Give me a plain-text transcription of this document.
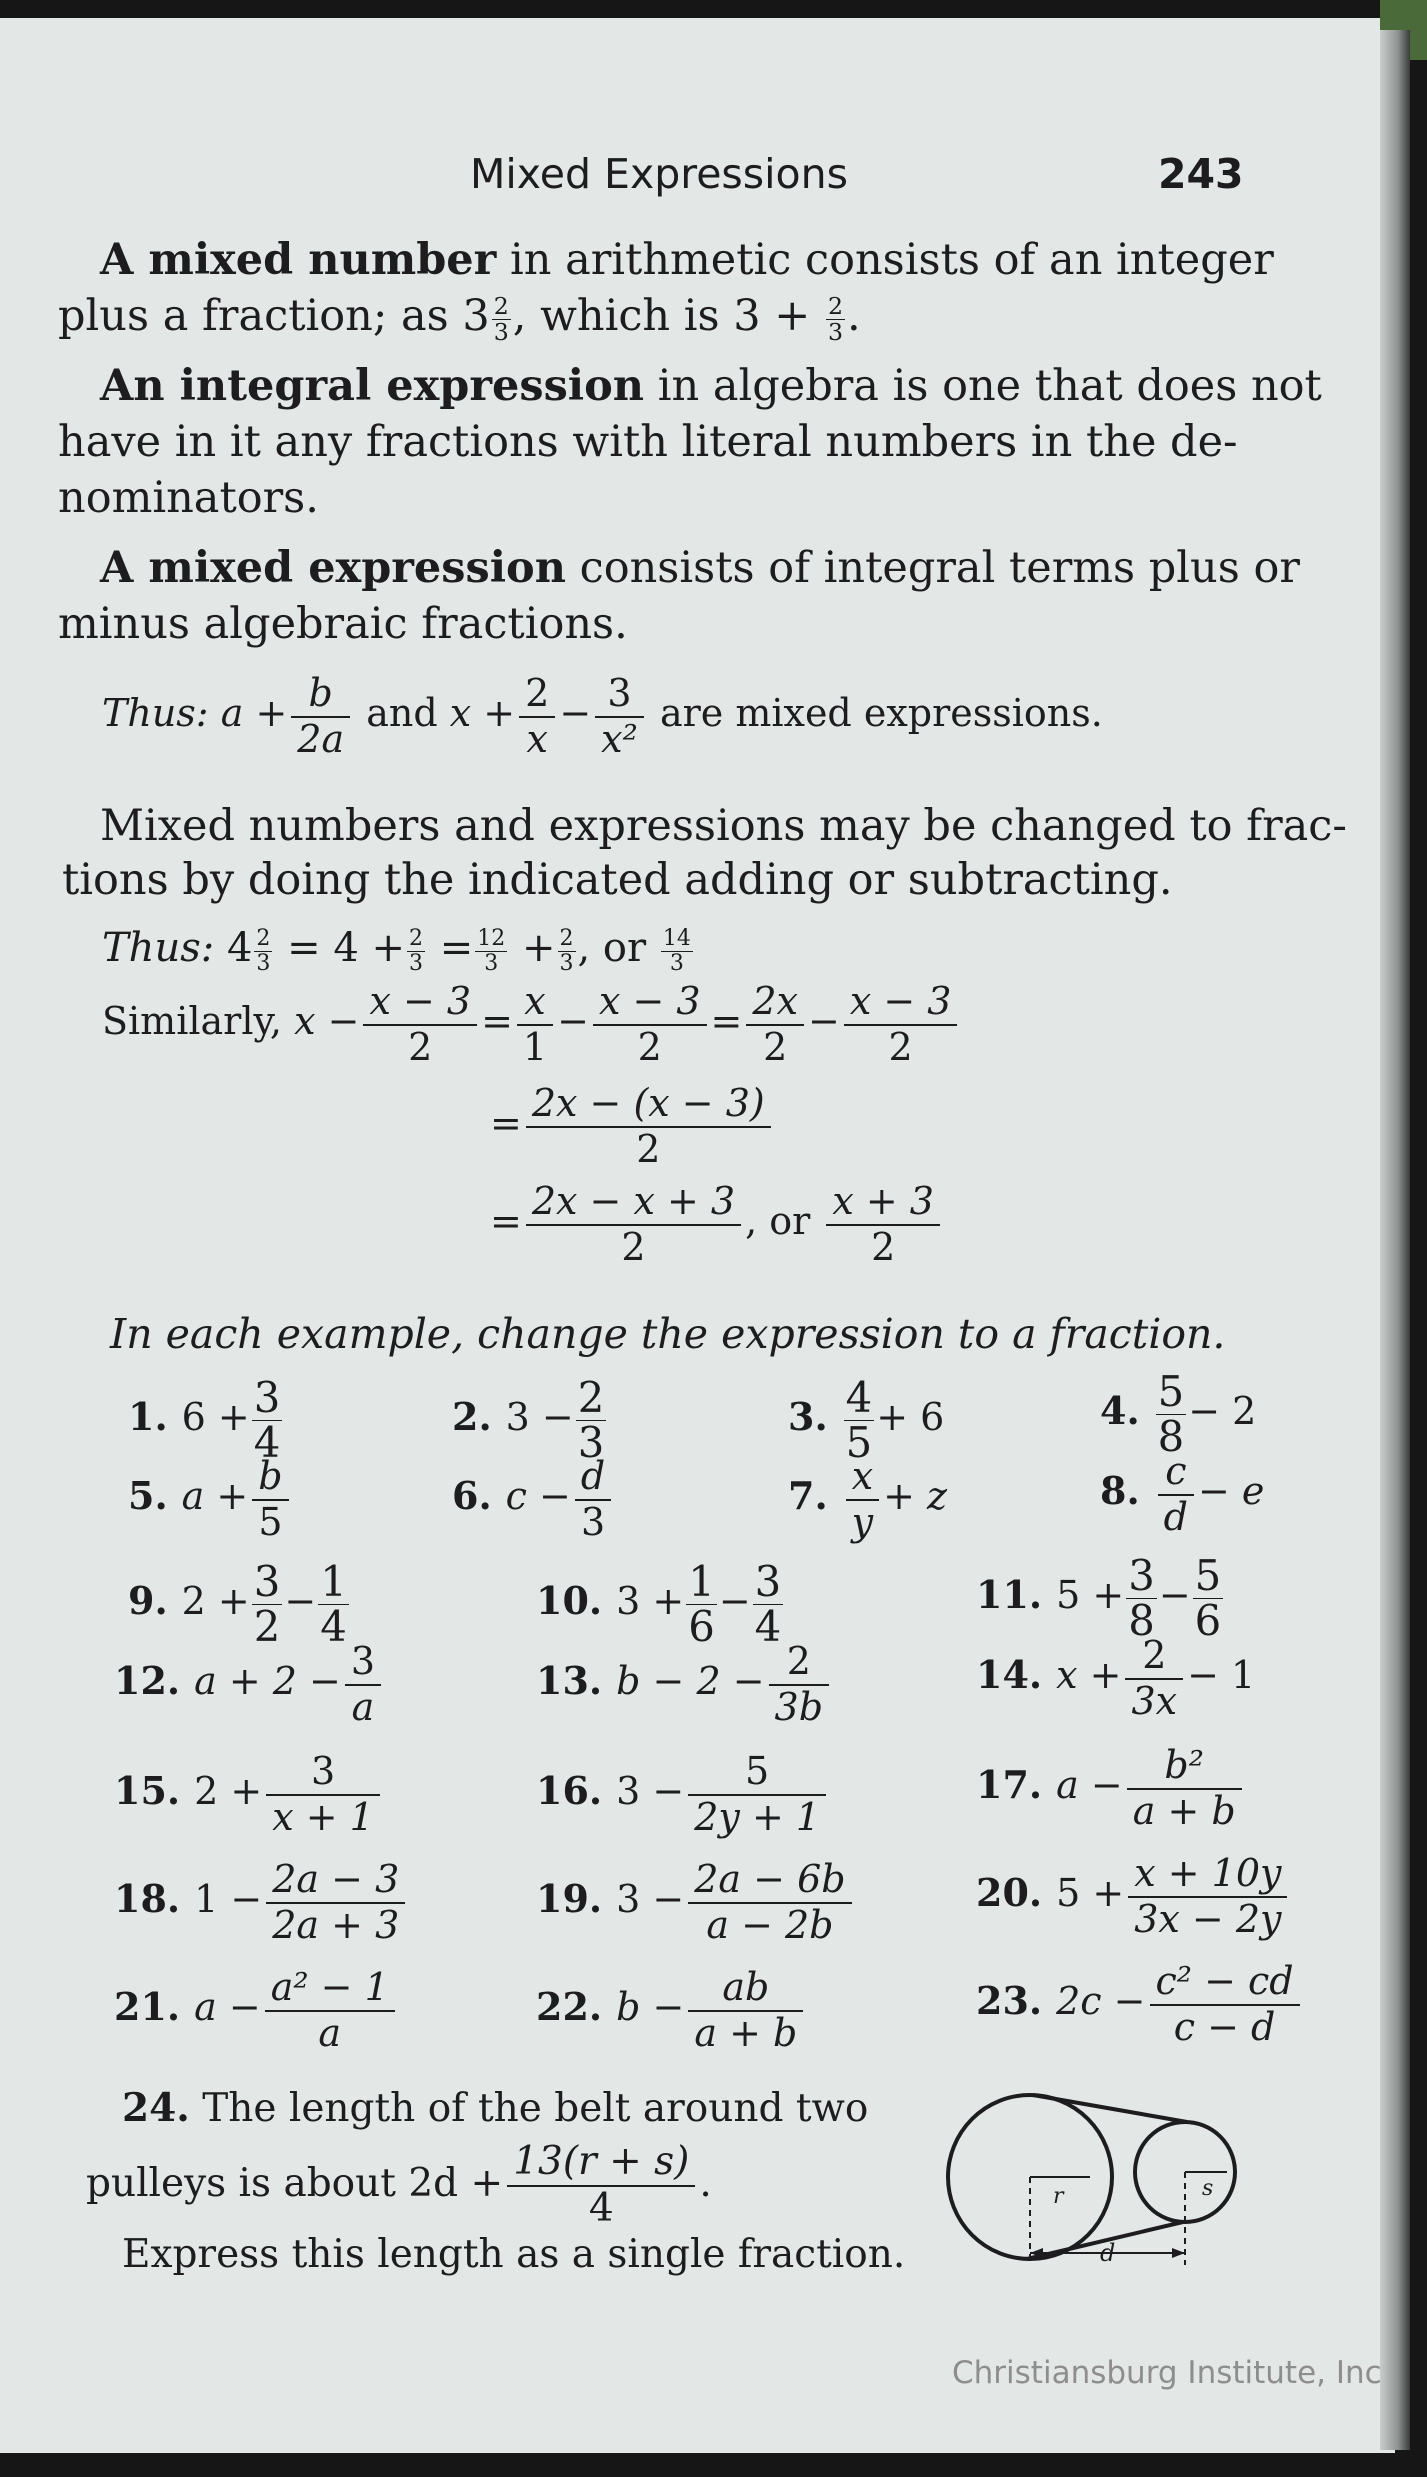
Mixed Expressions	243
A mixed number in arithmetic consists of an integer
plus a fraction; as $3 \frac{2}{3}$ , which is $3 + \frac{2}{3}$ .
An integral expression in algebra is one that does not
have in it any fractions with literal numbers in the de-
nominators.
A mixed expression consists of integral terms plus or
minus algebraic fractions.
Thus: $a + \frac{b}{2a}$ and $x + \frac{2}{x} - \frac{3}{\text{x²}}$ are mixed expressions.
Mixed numbers and expressions may be changed to frac-
tions by doing the indicated adding or subtracting.
Thus: $4 \frac{2}{3} = 4 + \frac{2}{3} = \frac{12}{3} + \frac{2}{3}$ , or $\frac{14}{3}$
Similarly, $x - \frac{x - 3}{2} = \frac{x}{1} - \frac{x - 3}{2} = \frac{2x}{2} - \frac{x - 3}{2}$
= $\frac{2x - (x - 3)}{2}$
= $\frac{2x - x + 3}{2}$ , or $\frac{x + 3}{2}$
In each example, change the expression to a fraction.
1. $6 + \frac{3}{4}$	2. $3 - \frac{2}{3}$	3. $\frac{4}{5} + 6$	4. $\frac{5}{8} - 2$
5. $a + \frac{b}{5}$	6. $c - \frac{d}{3}$	7. $\frac{x}{y} + z$	8. $\frac{c}{d} - e$
9. $2 + \frac{3}{2} - \frac{1}{4}$	10. $3 + \frac{1}{6} - \frac{3}{4}$	11. $5 + \frac{3}{8} - \frac{5}{6}$
12. $a + 2 - \frac{3}{a}$	13. $b - 2 - \frac{2}{3b}$	14. $x + \frac{2}{3x} - 1$
15. $2 + \frac{3}{x + 1}$	16. $3 - \frac{5}{2y + 1}$	17. $a - \frac{\text{b²}}{a + b}$
18. $1 - \frac{2a - 3}{2a + 3}$	19. $3 - \frac{2a - 6b}{a - 2b}$	20. $5 + \frac{x + 10y}{3x - 2y}$
21. $a - \frac{\text{a² − 1}}{a}$	22. $b - \frac{ab}{a + b}$	23. $2c - \frac{\text{c² − cd}}{c - d}$
24. The length of the belt around two
pulleys is about $2d + \frac{13(r + s)}{4}$ .
Express this length as a single fraction.
r	s
d
Christiansburg Institute, Inc
